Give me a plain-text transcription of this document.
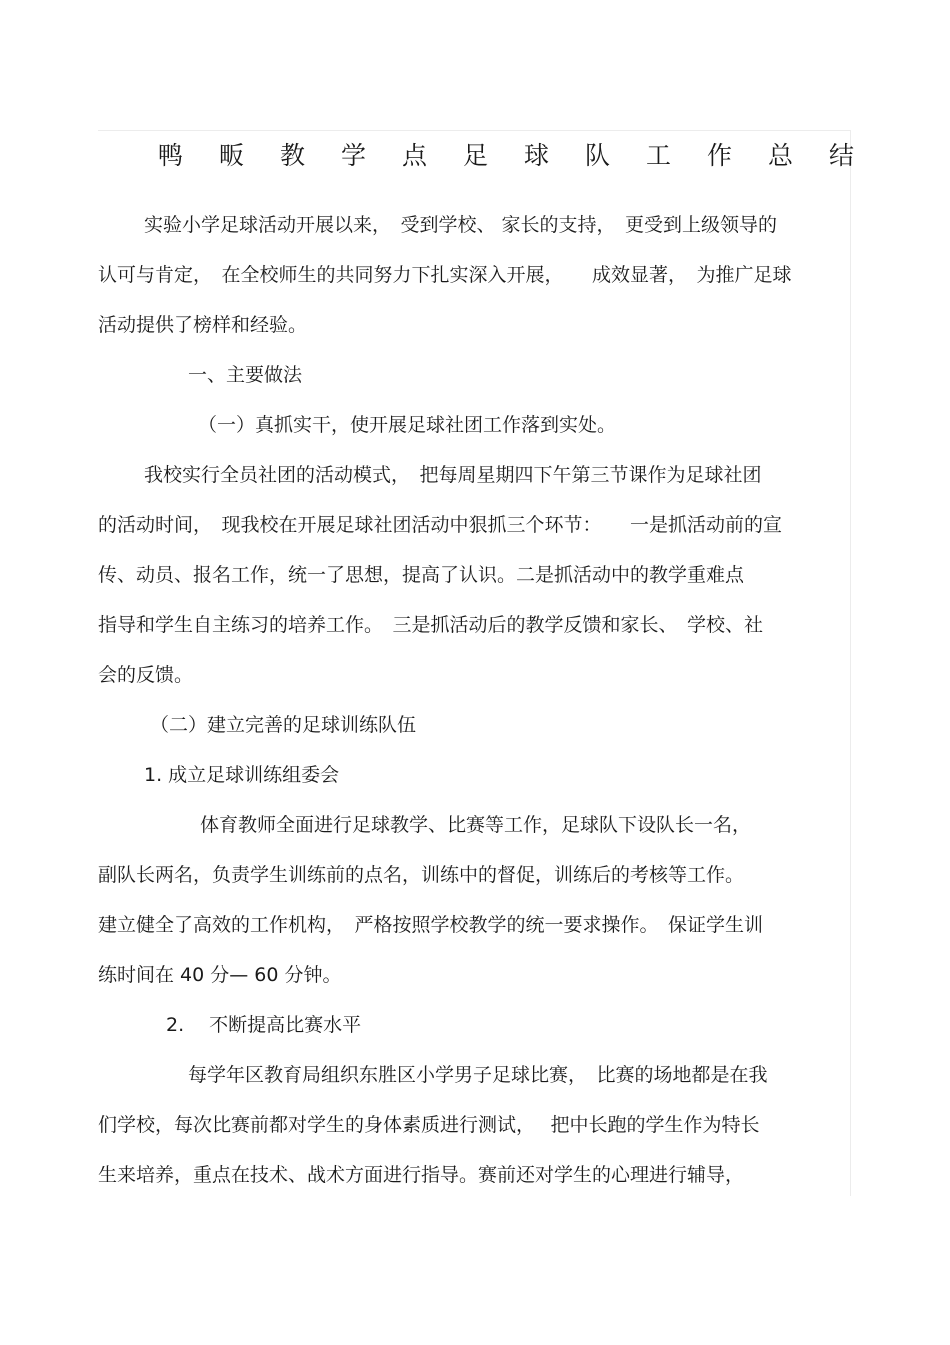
鸭 畈 教 学 点 足 球 队 工 作 总 结
实验小学足球活动开展以来，　受到学校、 家长的支持，　更受到上级领导的
认可与肯定，　在全校师生的共同努力下扎实深入开展，　　成效显著，　为推广足球
活动提供了榜样和经验。
一、主要做法
（一）真抓实干，使开展足球社团工作落到实处。
我校实行全员社团的活动模式，　把每周星期四下午第三节课作为足球社团
的活动时间，　现我校在开展足球社团活动中狠抓三个环节：　　一是抓活动前的宣
传、动员、报名工作，统一了思想，提高了认识。二是抓活动中的教学重难点
指导和学生自主练习的培养工作。　三是抓活动后的教学反馈和家长、　学校、社
会的反馈。
（二）建立完善的足球训练队伍
1. 成立足球训练组委会
体育教师全面进行足球教学、比赛等工作，足球队下设队长一名，
副队长两名，负责学生训练前的点名，训练中的督促，训练后的考核等工作。
建立健全了高效的工作机构，　严格按照学校教学的统一要求操作。　保证学生训
练时间在 40 分— 60 分钟。
2.　 不断提高比赛水平
每学年区教育局组织东胜区小学男子足球比赛，　比赛的场地都是在我
们学校，每次比赛前都对学生的身体素质进行测试，　 把中长跑的学生作为特长
生来培养，重点在技术、战术方面进行指导。赛前还对学生的心理进行辅导，
